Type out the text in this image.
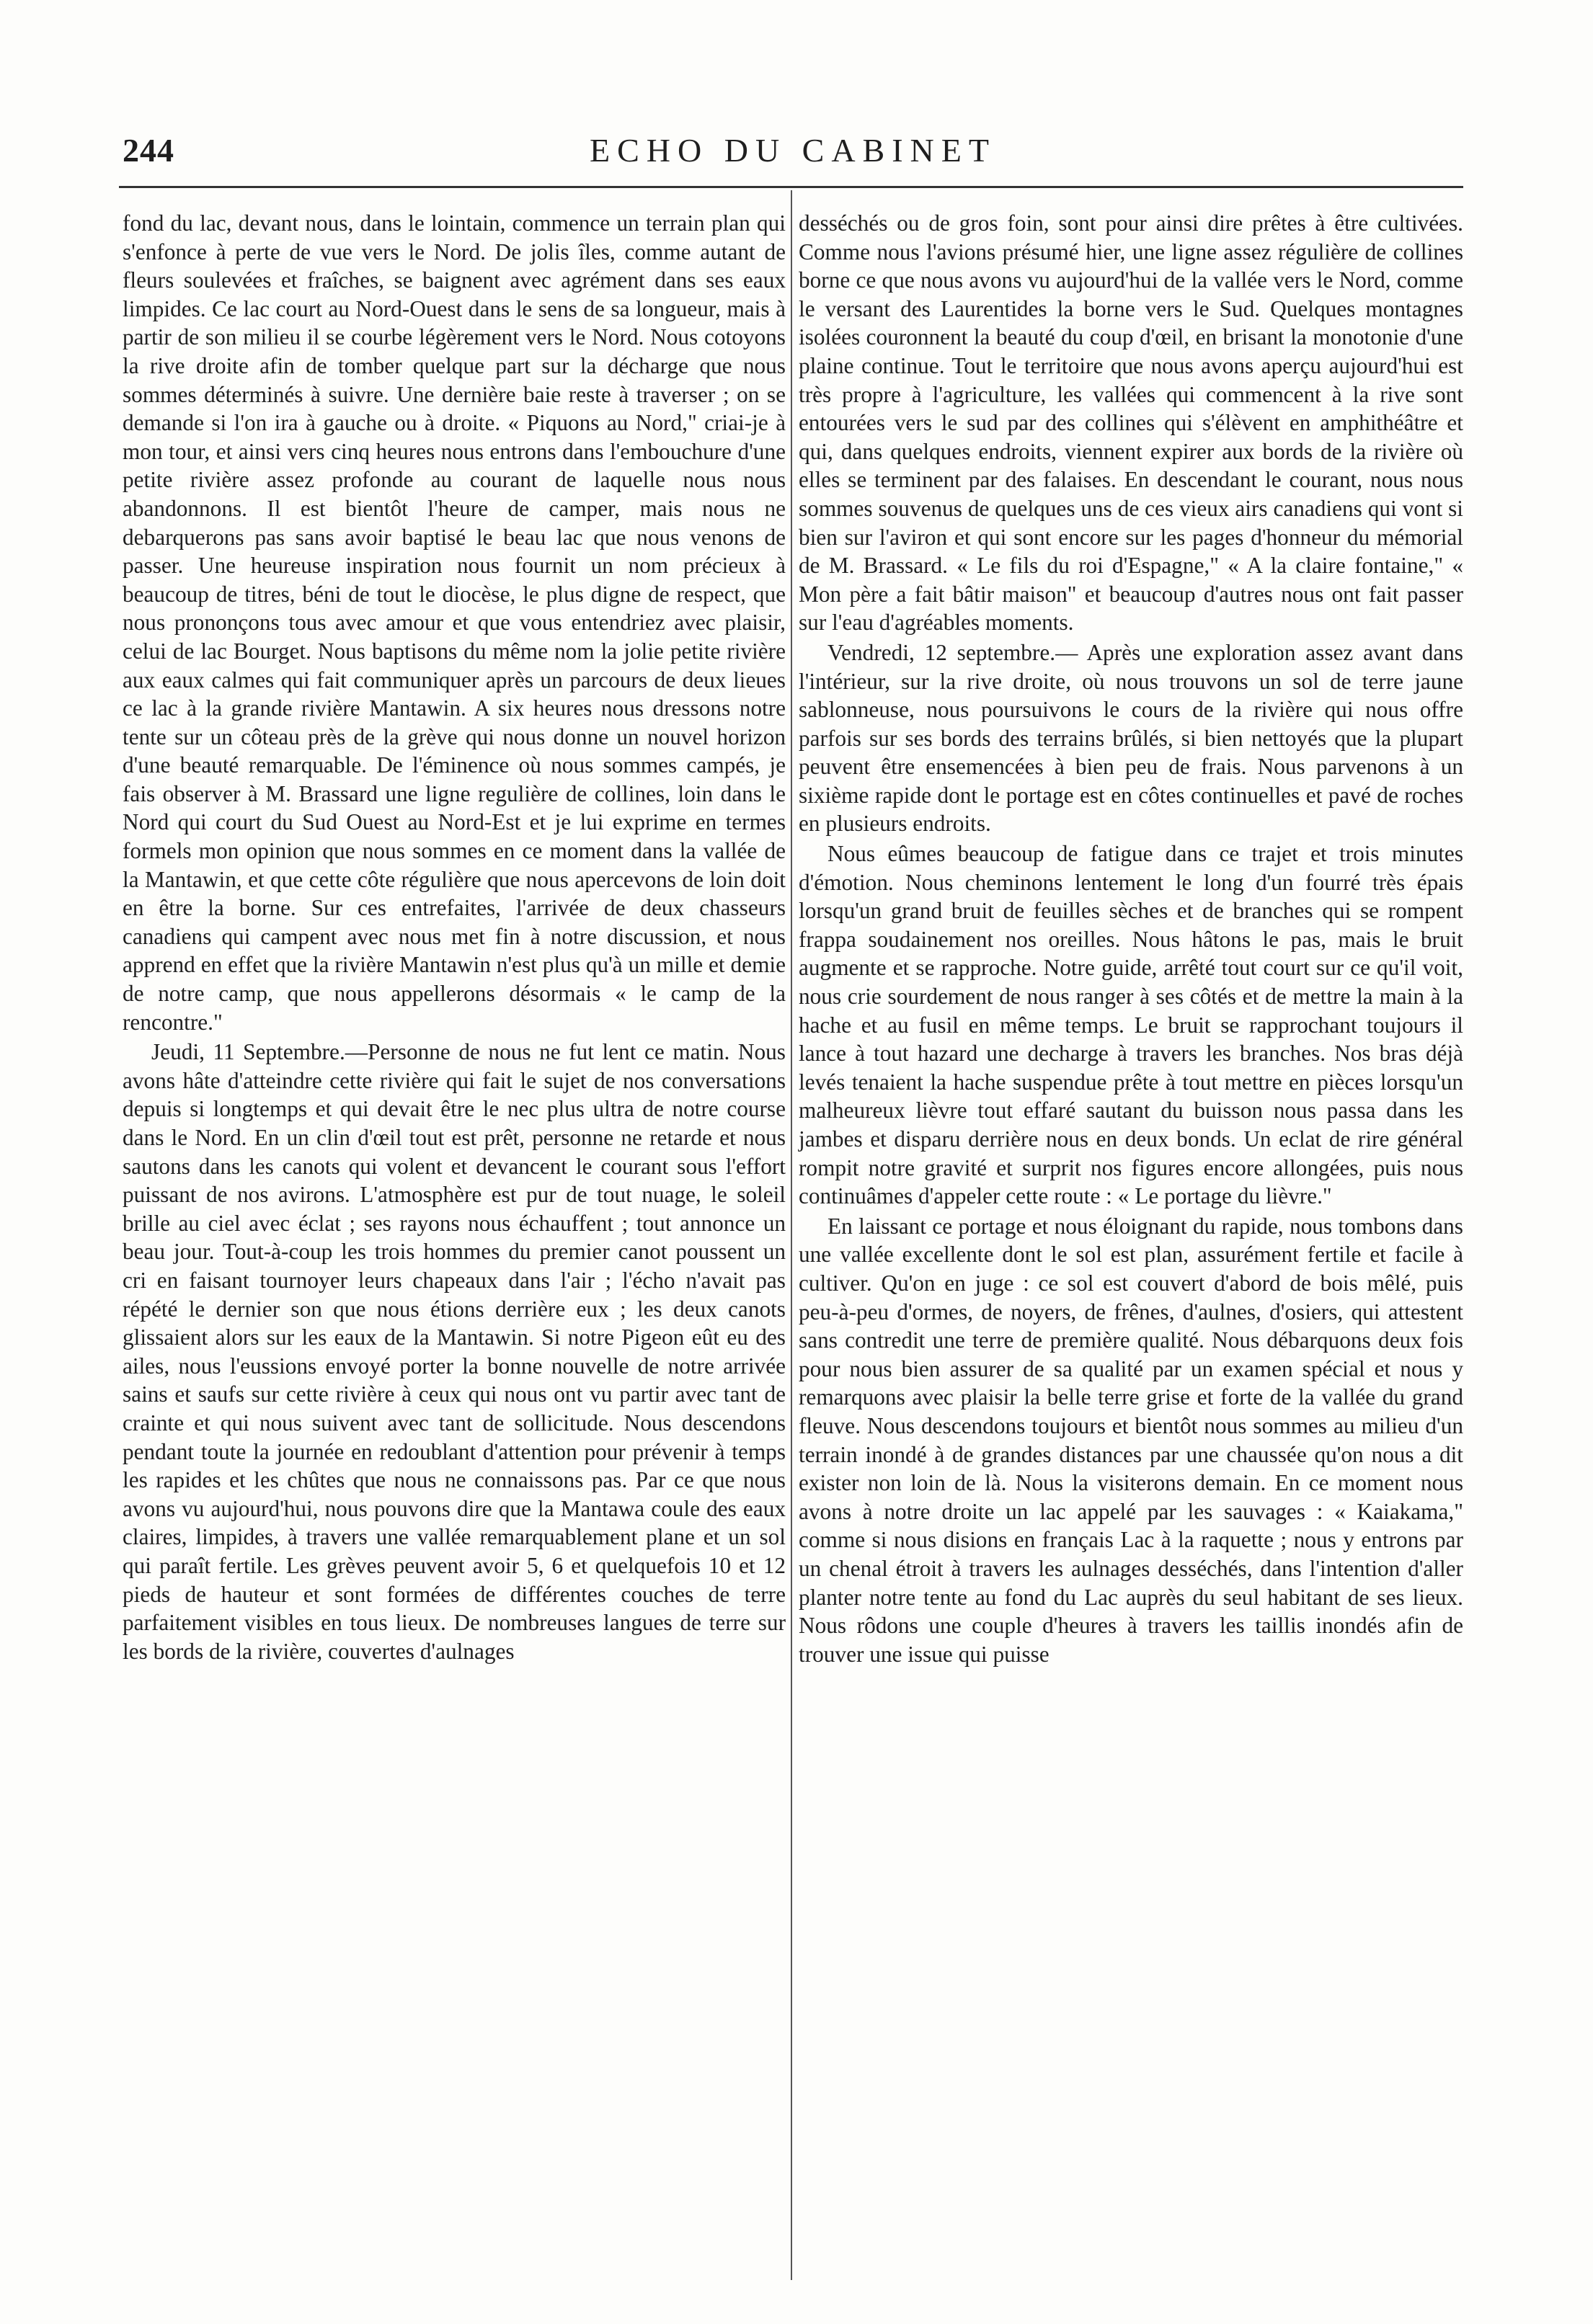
244	ECHO DU CABINET

fond du lac, devant nous, dans le lointain, commence un terrain plan qui s'enfonce à perte de vue vers le Nord. De jolis îles, comme autant de fleurs soulevées et fraîches, se baignent avec agrément dans ses eaux limpides. Ce lac court au Nord-Ouest dans le sens de sa longueur, mais à partir de son milieu il se courbe légèrement vers le Nord. Nous cotoyons la rive droite afin de tomber quelque part sur la décharge que nous sommes déterminés à suivre. Une dernière baie reste à traverser ; on se demande si l'on ira à gauche ou à droite. « Piquons au Nord," criai-je à mon tour, et ainsi vers cinq heures nous entrons dans l'embouchure d'une petite rivière assez profonde au courant de laquelle nous nous abandonnons. Il est bientôt l'heure de camper, mais nous ne debarquerons pas sans avoir baptisé le beau lac que nous venons de passer. Une heureuse inspiration nous fournit un nom précieux à beaucoup de titres, béni de tout le diocèse, le plus digne de respect, que nous prononçons tous avec amour et que vous entendriez avec plaisir, celui de lac Bourget. Nous baptisons du même nom la jolie petite rivière aux eaux calmes qui fait communiquer après un parcours de deux lieues ce lac à la grande rivière Mantawin. A six heures nous dressons notre tente sur un côteau près de la grève qui nous donne un nouvel horizon d'une beauté remarquable. De l'éminence où nous sommes campés, je fais observer à M. Brassard une ligne regulière de collines, loin dans le Nord qui court du Sud Ouest au Nord-Est et je lui exprime en termes formels mon opinion que nous sommes en ce moment dans la vallée de la Mantawin, et que cette côte régulière que nous apercevons de loin doit en être la borne. Sur ces entrefaites, l'arrivée de deux chasseurs canadiens qui campent avec nous met fin à notre discussion, et nous apprend en effet que la rivière Mantawin n'est plus qu'à un mille et demie de notre camp, que nous appellerons désormais « le camp de la rencontre."

Jeudi, 11 Septembre.—Personne de nous ne fut lent ce matin. Nous avons hâte d'atteindre cette rivière qui fait le sujet de nos conversations depuis si longtemps et qui devait être le nec plus ultra de notre course dans le Nord. En un clin d'œil tout est prêt, personne ne retarde et nous sautons dans les canots qui volent et devancent le courant sous l'effort puissant de nos avirons. L'atmosphère est pur de tout nuage, le soleil brille au ciel avec éclat ; ses rayons nous échauffent ; tout annonce un beau jour. Tout-à-coup les trois hommes du premier canot poussent un cri en faisant tournoyer leurs chapeaux dans l'air ; l'écho n'avait pas répété le dernier son que nous étions derrière eux ; les deux canots glissaient alors sur les eaux de la Mantawin. Si notre Pigeon eût eu des ailes, nous l'eussions envoyé porter la bonne nouvelle de notre arrivée sains et saufs sur cette rivière à ceux qui nous ont vu partir avec tant de crainte et qui nous suivent avec tant de sollicitude. Nous descendons pendant toute la journée en redoublant d'attention pour prévenir à temps les rapides et les chûtes que nous ne connaissons pas. Par ce que nous avons vu aujourd'hui, nous pouvons dire que la Mantawa coule des eaux claires, limpides, à travers une vallée remarquablement plane et un sol qui paraît fertile. Les grèves peuvent avoir 5, 6 et quelquefois 10 et 12 pieds de hauteur et sont formées de différentes couches de terre parfaitement visibles en tous lieux. De nombreuses langues de terre sur les bords de la rivière, couvertes d'aulnages

desséchés ou de gros foin, sont pour ainsi dire prêtes à être cultivées. Comme nous l'avions présumé hier, une ligne assez régulière de collines borne ce que nous avons vu aujourd'hui de la vallée vers le Nord, comme le versant des Laurentides la borne vers le Sud. Quelques montagnes isolées couronnent la beauté du coup d'œil, en brisant la monotonie d'une plaine continue. Tout le territoire que nous avons aperçu aujourd'hui est très propre à l'agriculture, les vallées qui commencent à la rive sont entourées vers le sud par des collines qui s'élèvent en amphithéâtre et qui, dans quelques endroits, viennent expirer aux bords de la rivière où elles se terminent par des falaises. En descendant le courant, nous nous sommes souvenus de quelques uns de ces vieux airs canadiens qui vont si bien sur l'aviron et qui sont encore sur les pages d'honneur du mémorial de M. Brassard. « Le fils du roi d'Espagne," « A la claire fontaine," « Mon père a fait bâtir maison" et beaucoup d'autres nous ont fait passer sur l'eau d'agréables moments.

Vendredi, 12 septembre.— Après une exploration assez avant dans l'intérieur, sur la rive droite, où nous trouvons un sol de terre jaune sablonneuse, nous poursuivons le cours de la rivière qui nous offre parfois sur ses bords des terrains brûlés, si bien nettoyés que la plupart peuvent être ensemencées à bien peu de frais. Nous parvenons à un sixième rapide dont le portage est en côtes continuelles et pavé de roches en plusieurs endroits.

Nous eûmes beaucoup de fatigue dans ce trajet et trois minutes d'émotion. Nous cheminons lentement le long d'un fourré très épais lorsqu'un grand bruit de feuilles sèches et de branches qui se rompent frappa soudainement nos oreilles. Nous hâtons le pas, mais le bruit augmente et se rapproche. Notre guide, arrêté tout court sur ce qu'il voit, nous crie sourdement de nous ranger à ses côtés et de mettre la main à la hache et au fusil en même temps. Le bruit se rapprochant toujours il lance à tout hazard une decharge à travers les branches. Nos bras déjà levés tenaient la hache suspendue prête à tout mettre en pièces lorsqu'un malheureux lièvre tout effaré sautant du buisson nous passa dans les jambes et disparu derrière nous en deux bonds. Un eclat de rire général rompit notre gravité et surprit nos figures encore allongées, puis nous continuâmes d'appeler cette route : « Le portage du lièvre."

En laissant ce portage et nous éloignant du rapide, nous tombons dans une vallée excellente dont le sol est plan, assurément fertile et facile à cultiver. Qu'on en juge : ce sol est couvert d'abord de bois mêlé, puis peu-à-peu d'ormes, de noyers, de frênes, d'aulnes, d'osiers, qui attestent sans contredit une terre de première qualité. Nous débarquons deux fois pour nous bien assurer de sa qualité par un examen spécial et nous y remarquons avec plaisir la belle terre grise et forte de la vallée du grand fleuve. Nous descendons toujours et bientôt nous sommes au milieu d'un terrain inondé à de grandes distances par une chaussée qu'on nous a dit exister non loin de là. Nous la visiterons demain. En ce moment nous avons à notre droite un lac appelé par les sauvages : « Kaiakama," comme si nous disions en français Lac à la raquette ; nous y entrons par un chenal étroit à travers les aulnages desséchés, dans l'intention d'aller planter notre tente au fond du Lac auprès du seul habitant de ses lieux. Nous rôdons une couple d'heures à travers les taillis inondés afin de trouver une issue qui puisse
